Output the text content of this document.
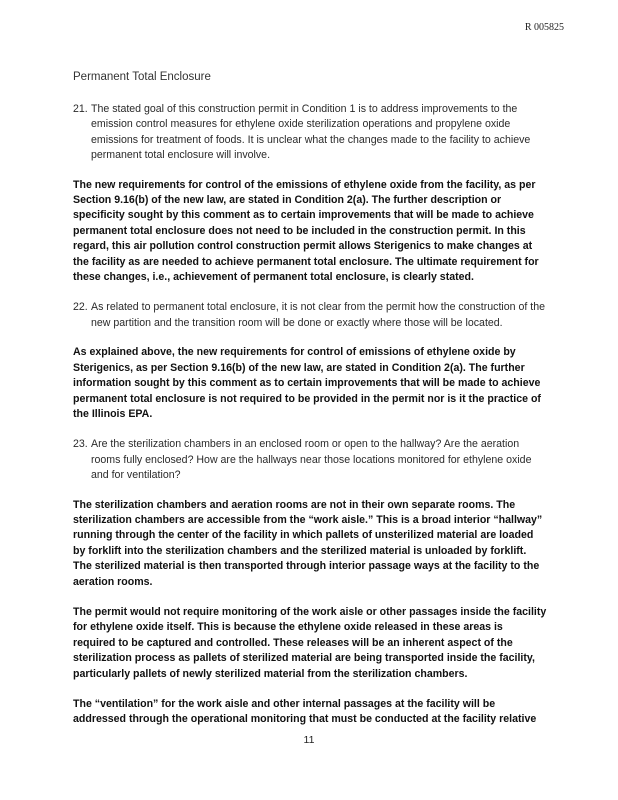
R 005825
Permanent Total Enclosure
21. The stated goal of this construction permit in Condition 1 is to address improvements to the emission control measures for ethylene oxide sterilization operations and propylene oxide emissions for treatment of foods. It is unclear what the changes made to the facility to achieve permanent total enclosure will involve.

The new requirements for control of the emissions of ethylene oxide from the facility, as per Section 9.16(b) of the new law, are stated in Condition 2(a). The further description or specificity sought by this comment as to certain improvements that will be made to achieve permanent total enclosure does not need to be included in the construction permit. In this regard, this air pollution control construction permit allows Sterigenics to make changes at the facility as are needed to achieve permanent total enclosure. The ultimate requirement for these changes, i.e., achievement of permanent total enclosure, is clearly stated.

22. As related to permanent total enclosure, it is not clear from the permit how the construction of the new partition and the transition room will be done or exactly where those will be located.

As explained above, the new requirements for control of emissions of ethylene oxide by Sterigenics, as per Section 9.16(b) of the new law, are stated in Condition 2(a). The further information sought by this comment as to certain improvements that will be made to achieve permanent total enclosure is not required to be provided in the permit nor is it the practice of the Illinois EPA.

23. Are the sterilization chambers in an enclosed room or open to the hallway? Are the aeration rooms fully enclosed? How are the hallways near those locations monitored for ethylene oxide and for ventilation?

The sterilization chambers and aeration rooms are not in their own separate rooms. The sterilization chambers are accessible from the “work aisle.” This is a broad interior “hallway” running through the center of the facility in which pallets of unsterilized material are loaded by forklift into the sterilization chambers and the sterilized material is unloaded by forklift. The sterilized material is then transported through interior passage ways at the facility to the aeration rooms.

The permit would not require monitoring of the work aisle or other passages inside the facility for ethylene oxide itself. This is because the ethylene oxide released in these areas is required to be captured and controlled. These releases will be an inherent aspect of the sterilization process as pallets of sterilized material are being transported inside the facility, particularly pallets of newly sterilized material from the sterilization chambers.

The “ventilation” for the work aisle and other internal passages at the facility will be addressed through the operational monitoring that must be conducted at the facility relative

11
